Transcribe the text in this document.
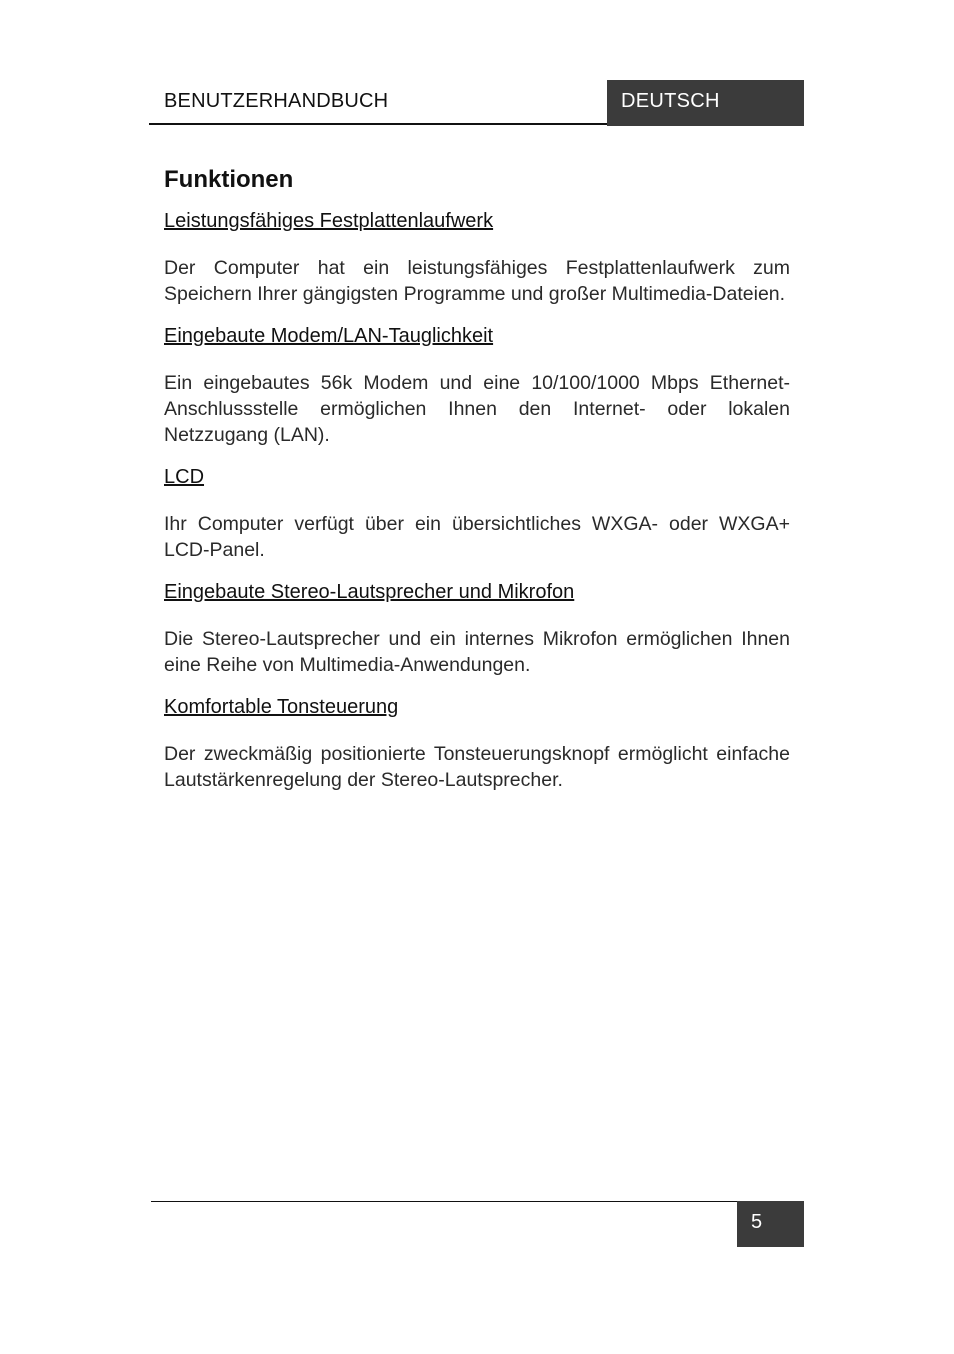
BENUTZERHANDBUCH	DEUTSCH
Funktionen
Leistungsfähiges Festplattenlaufwerk

Der Computer hat ein leistungsfähiges Festplattenlaufwerk zum Speichern Ihrer gängigsten Programme und großer Multimedia-Dateien.

Eingebaute Modem/LAN-Tauglichkeit

Ein eingebautes 56k Modem und eine 10/100/1000 Mbps Ethernet-Anschlussstelle ermöglichen Ihnen den Internet- oder lokalen Netzzugang (LAN).

LCD

Ihr Computer verfügt über ein übersichtliches WXGA- oder WXGA+ LCD-Panel.

Eingebaute Stereo-Lautsprecher und Mikrofon

Die Stereo-Lautsprecher und ein internes Mikrofon ermöglichen Ihnen eine Reihe von Multimedia-Anwendungen.

Komfortable Tonsteuerung

Der zweckmäßig positionierte Tonsteuerungsknopf ermöglicht einfache Lautstärkenregelung der Stereo-Lautsprecher.

5
